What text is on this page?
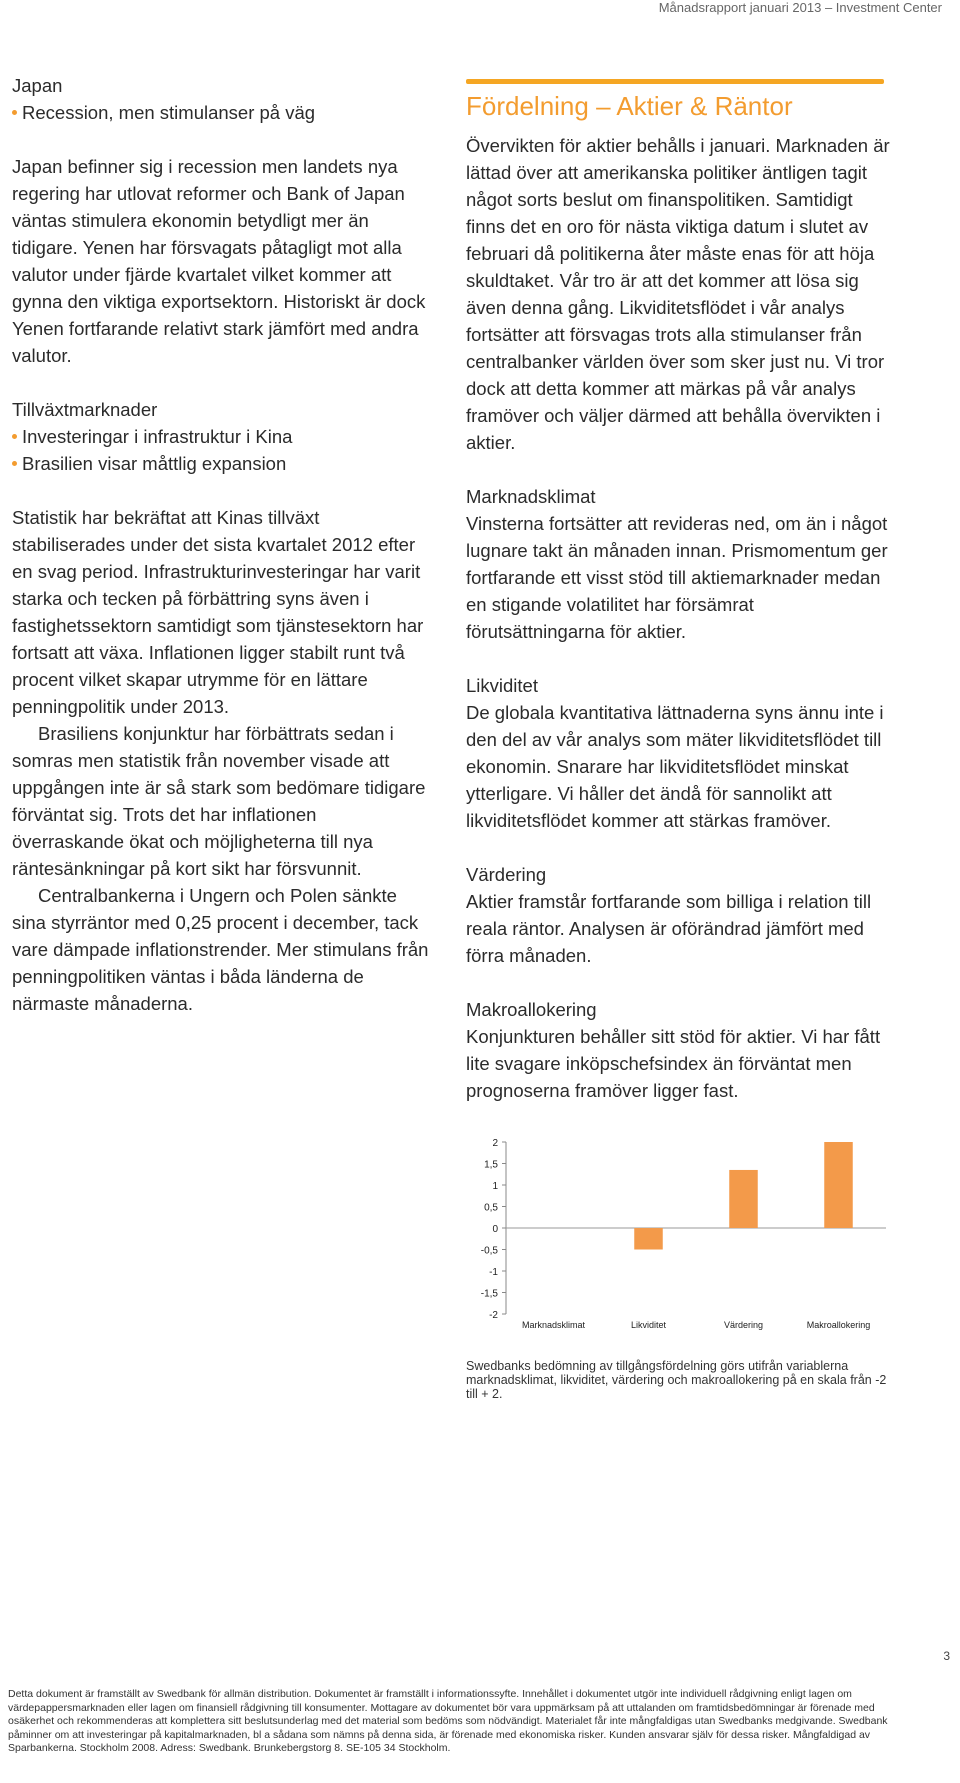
Månadsrapport januari 2013 – Investment Center
Japan
Recession, men stimulanser på väg

Japan befinner sig i recession men landets nya regering har utlovat reformer och Bank of Japan väntas stimulera ekonomin betydligt mer än tidigare. Yenen har försvagats påtagligt mot alla valutor under fjärde kvartalet vilket kommer att gynna den viktiga exportsektorn. Historiskt är dock Yenen fortfarande relativt stark jämfört med andra valutor.

Tillväxtmarknader
Investeringar i infrastruktur i Kina
Brasilien visar måttlig expansion

Statistik har bekräftat att Kinas tillväxt stabiliserades under det sista kvartalet 2012 efter en svag period. Infrastrukturinvesteringar har varit starka och tecken på förbättring syns även i fastighetssektorn samtidigt som tjänstesektorn har fortsatt att växa. Inflationen ligger stabilt runt två procent vilket skapar utrymme för en lättare penningpolitik under 2013.

Brasiliens konjunktur har förbättrats sedan i somras men statistik från november visade att uppgången inte är så stark som bedömare tidigare förväntat sig. Trots det har inflationen överraskande ökat och möjligheterna till nya räntesänkningar på kort sikt har försvunnit.

Centralbankerna i Ungern och Polen sänkte sina styrräntor med 0,25 procent i december, tack vare dämpade inflationstrender. Mer stimulans från penningpolitiken väntas i båda länderna de närmaste månaderna.

Fördelning – Aktier & Räntor

Övervikten för aktier behålls i januari. Marknaden är lättad över att amerikanska politiker äntligen tagit något sorts beslut om finanspolitiken. Samtidigt finns det en oro för nästa viktiga datum i slutet av februari då politikerna åter måste enas för att höja skuldtaket. Vår tro är att det kommer att lösa sig även denna gång. Likviditetsflödet i vår analys fortsätter att försvagas trots alla stimulanser från centralbanker världen över som sker just nu. Vi tror dock att detta kommer att märkas på vår analys framöver och väljer därmed att behålla övervikten i aktier.

Marknadsklimat

Vinsterna fortsätter att revideras ned, om än i något lugnare takt än månaden innan. Prismomentum ger fortfarande ett visst stöd till aktiemarknader medan en stigande volatilitet har försämrat förutsättningarna för aktier.

Likviditet

De globala kvantitativa lättnaderna syns ännu inte i den del av vår analys som mäter likviditetsflödet till ekonomin. Snarare har likviditetsflödet minskat ytterligare. Vi håller det ändå för sannolikt att likviditetsflödet kommer att stärkas framöver.

Värdering

Aktier framstår fortfarande som billiga i relation till reala räntor. Analysen är oförändrad jämfört med förra månaden.

Makroallokering

Konjunkturen behåller sitt stöd för aktier. Vi har fått lite svagare inköpschefsindex än förväntat men prognoserna framöver ligger fast.

2
1,5
1
0,5
0
-0,5
-1
-1,5
-2
Marknadsklimat	Likviditet	Värdering	Makroallokering

Swedbanks bedömning av tillgångsfördelning görs utifrån variablerna marknadsklimat, likviditet, värdering och makroallokering på en skala från -2 till + 2.

3
Detta dokument är framställt av Swedbank för allmän distribution. Dokumentet är framställt i informationssyfte. Innehållet i dokumentet utgör inte individuell rådgivning enligt lagen om värdepappersmarknaden eller lagen om finansiell rådgivning till konsumenter. Mottagare av dokumentet bör vara uppmärksam på att uttalanden om framtidsbedömningar är förenade med osäkerhet och rekommenderas att komplettera sitt beslutsunderlag med det material som bedöms som nödvändigt. Materialet får inte mångfaldigas utan Swedbanks medgivande. Swedbank påminner om att investeringar på kapitalmarknaden, bl a sådana som nämns på denna sida, är förenade med ekonomiska risker. Kunden ansvarar själv för dessa risker. Mångfaldigad av Sparbankerna. Stockholm 2008. Adress: Swedbank. Brunkebergstorg 8. SE-105 34 Stockholm.
